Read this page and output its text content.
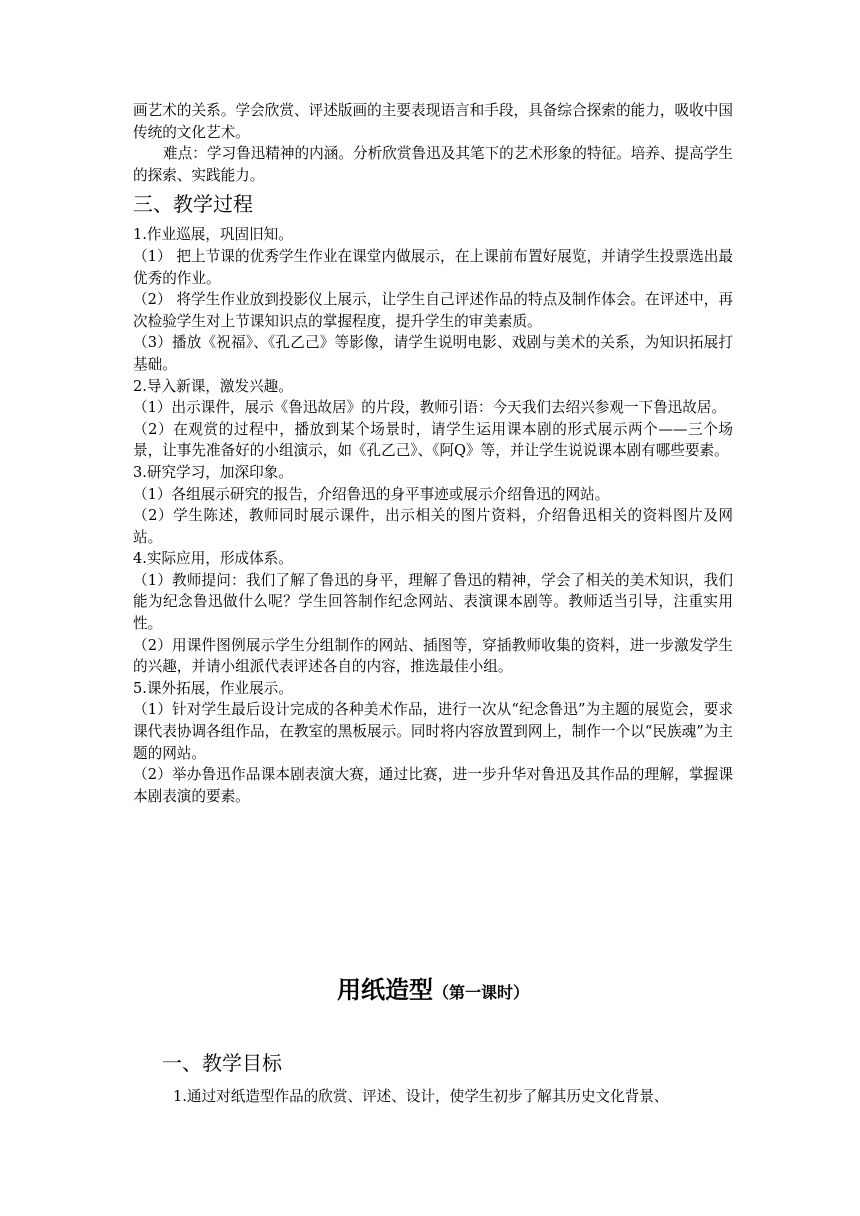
画艺术的关系。学会欣赏、评述版画的主要表现语言和手段，具备综合探索的能力，吸收中国传统的文化艺术。

难点：学习鲁迅精神的内涵。分析欣赏鲁迅及其笔下的艺术形象的特征。培养、提高学生的探索、实践能力。

三、教学过程

1.作业巡展，巩固旧知。

（1） 把上节课的优秀学生作业在课堂内做展示，在上课前布置好展览，并请学生投票选出最优秀的作业。

（2） 将学生作业放到投影仪上展示，让学生自己评述作品的特点及制作体会。在评述中，再次检验学生对上节课知识点的掌握程度，提升学生的审美素质。

（3）播放《祝福》、《孔乙己》等影像，请学生说明电影、戏剧与美术的关系，为知识拓展打基础。

2.导入新课，激发兴趣。

（1）出示课件，展示《鲁迅故居》的片段，教师引语：今天我们去绍兴参观一下鲁迅故居。

（2）在观赏的过程中，播放到某个场景时，请学生运用课本剧的形式展示两个——三个场景，让事先准备好的小组演示，如《孔乙己》、《阿Q》等，并让学生说说课本剧有哪些要素。

3.研究学习，加深印象。

（1）各组展示研究的报告，介绍鲁迅的身平事迹或展示介绍鲁迅的网站。

（2）学生陈述，教师同时展示课件，出示相关的图片资料，介绍鲁迅相关的资料图片及网站。

4.实际应用，形成体系。

（1）教师提问：我们了解了鲁迅的身平，理解了鲁迅的精神，学会了相关的美术知识，我们能为纪念鲁迅做什么呢？学生回答制作纪念网站、表演课本剧等。教师适当引导，注重实用性。

（2）用课件图例展示学生分组制作的网站、插图等，穿插教师收集的资料，进一步激发学生的兴趣，并请小组派代表评述各自的内容，推选最佳小组。

5.课外拓展，作业展示。

（1）针对学生最后设计完成的各种美术作品，进行一次从“纪念鲁迅”为主题的展览会，要求课代表协调各组作品，在教室的黑板展示。同时将内容放置到网上，制作一个以“民族魂”为主题的网站。

（2）举办鲁迅作品课本剧表演大赛，通过比赛，进一步升华对鲁迅及其作品的理解，掌握课本剧表演的要素。

用纸造型（第一课时）
一、教学目标

1.通过对纸造型作品的欣赏、评述、设计，使学生初步了解其历史文化背景、
